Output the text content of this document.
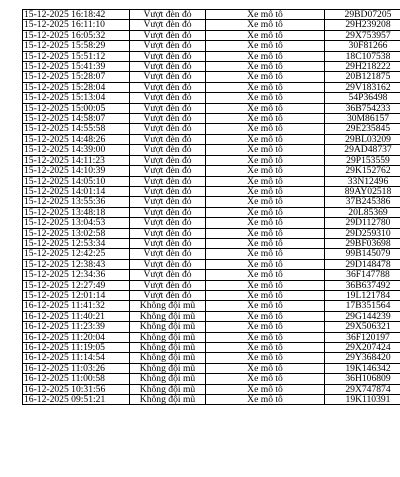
15-12-2025 16:18:42	Vượt đèn đỏ	Xe mô tô	29BD07205
15-12-2025 16:11:10	Vượt đèn đỏ	Xe mô tô	29H239208
15-12-2025 16:05:32	Vượt đèn đỏ	Xe mô tô	29X753957
15-12-2025 15:58:29	Vượt đèn đỏ	Xe mô tô	30F81266
15-12-2025 15:51:12	Vượt đèn đỏ	Xe mô tô	18C107538
15-12-2025 15:41:39	Vượt đèn đỏ	Xe mô tô	29H218222
15-12-2025 15:28:07	Vượt đèn đỏ	Xe mô tô	20B121875
15-12-2025 15:28:04	Vượt đèn đỏ	Xe mô tô	29V183162
15-12-2025 15:13:04	Vượt đèn đỏ	Xe mô tô	54P36498
15-12-2025 15:00:05	Vượt đèn đỏ	Xe mô tô	36B754233
15-12-2025 14:58:07	Vượt đèn đỏ	Xe mô tô	30M86157
15-12-2025 14:55:58	Vượt đèn đỏ	Xe mô tô	29E235845
15-12-2025 14:48:26	Vượt đèn đỏ	Xe mô tô	29BL03209
15-12-2025 14:39:00	Vượt đèn đỏ	Xe mô tô	29AD48737
15-12-2025 14:11:23	Vượt đèn đỏ	Xe mô tô	29P153559
15-12-2025 14:10:39	Vượt đèn đỏ	Xe mô tô	29K152762
15-12-2025 14:05:10	Vượt đèn đỏ	Xe mô tô	33N12496
15-12-2025 14:01:14	Vượt đèn đỏ	Xe mô tô	89AY02518
15-12-2025 13:55:36	Vượt đèn đỏ	Xe mô tô	37B245386
15-12-2025 13:48:18	Vượt đèn đỏ	Xe mô tô	20L85369
15-12-2025 13:04:53	Vượt đèn đỏ	Xe mô tô	29D112780
15-12-2025 13:02:58	Vượt đèn đỏ	Xe mô tô	29D259310
15-12-2025 12:53:34	Vượt đèn đỏ	Xe mô tô	29BF03698
15-12-2025 12:42:25	Vượt đèn đỏ	Xe mô tô	99B145079
15-12-2025 12:38:43	Vượt đèn đỏ	Xe mô tô	29D148478
15-12-2025 12:34:36	Vượt đèn đỏ	Xe mô tô	36F147788
15-12-2025 12:27:49	Vượt đèn đỏ	Xe mô tô	36B637492
15-12-2025 12:01:14	Vượt đèn đỏ	Xe mô tô	19L121784
16-12-2025 11:41:32	Không đội mũ	Xe mô tô	17B351564
16-12-2025 11:40:21	Không đội mũ	Xe mô tô	29G144239
16-12-2025 11:23:39	Không đội mũ	Xe mô tô	29X506321
16-12-2025 11:20:04	Không đội mũ	Xe mô tô	36F120197
16-12-2025 11:19:05	Không đội mũ	Xe mô tô	29X207424
16-12-2025 11:14:54	Không đội mũ	Xe mô tô	29Y368420
16-12-2025 11:03:26	Không đội mũ	Xe mô tô	19K146342
16-12-2025 11:00:58	Không đội mũ	Xe mô tô	36H106809
16-12-2025 10:31:56	Không đội mũ	Xe mô tô	29X747874
16-12-2025 09:51:21	Không đội mũ	Xe mô tô	19K110391
